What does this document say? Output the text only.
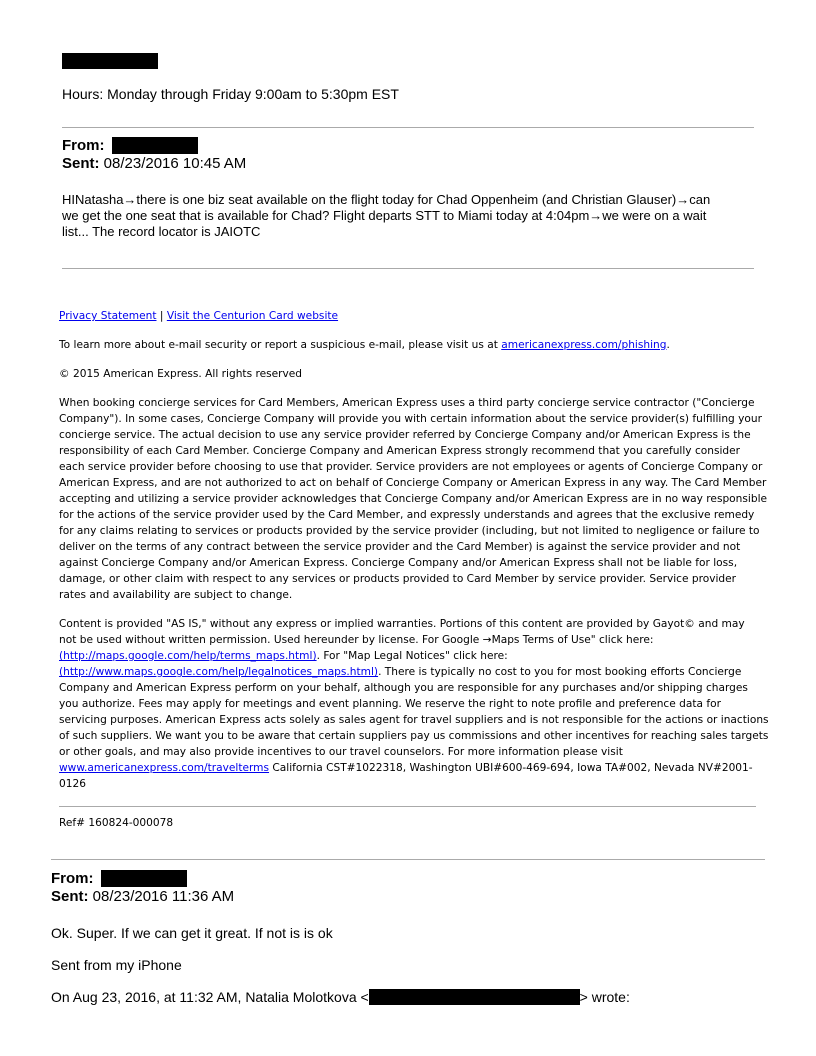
Hours: Monday through Friday 9:00am to 5:30pm EST
From:
Sent: 08/23/2016 10:45 AM
HINatasha→there is one biz seat available on the flight today for Chad Oppenheim (and Christian Glauser)→can
we get the one seat that is available for Chad? Flight departs STT to Miami today at 4:04pm→we were on a wait
list... The record locator is JAIOTC
Privacy Statement | Visit the Centurion Card website
To learn more about e-mail security or report a suspicious e-mail, please visit us at americanexpress.com/phishing.
© 2015 American Express. All rights reserved
When booking concierge services for Card Members, American Express uses a third party concierge service contractor ("Concierge
Company"). In some cases, Concierge Company will provide you with certain information about the service provider(s) fulfilling your
concierge service. The actual decision to use any service provider referred by Concierge Company and/or American Express is the
responsibility of each Card Member. Concierge Company and American Express strongly recommend that you carefully consider
each service provider before choosing to use that provider. Service providers are not employees or agents of Concierge Company or
American Express, and are not authorized to act on behalf of Concierge Company or American Express in any way. The Card Member
accepting and utilizing a service provider acknowledges that Concierge Company and/or American Express are in no way responsible
for the actions of the service provider used by the Card Member, and expressly understands and agrees that the exclusive remedy
for any claims relating to services or products provided by the service provider (including, but not limited to negligence or failure to
deliver on the terms of any contract between the service provider and the Card Member) is against the service provider and not
against Concierge Company and/or American Express. Concierge Company and/or American Express shall not be liable for loss,
damage, or other claim with respect to any services or products provided to Card Member by service provider. Service provider
rates and availability are subject to change.
Content is provided "AS IS," without any express or implied warranties. Portions of this content are provided by Gayot© and may
not be used without written permission. Used hereunder by license. For Google →Maps Terms of Use" click here:
(http://maps.google.com/help/terms_maps.html). For "Map Legal Notices" click here:
(http://www.maps.google.com/help/legalnotices_maps.html). There is typically no cost to you for most booking efforts Concierge
Company and American Express perform on your behalf, although you are responsible for any purchases and/or shipping charges
you authorize. Fees may apply for meetings and event planning. We reserve the right to note profile and preference data for
servicing purposes. American Express acts solely as sales agent for travel suppliers and is not responsible for the actions or inactions
of such suppliers. We want you to be aware that certain suppliers pay us commissions and other incentives for reaching sales targets
or other goals, and may also provide incentives to our travel counselors. For more information please visit
www.americanexpress.com/travelterms California CST#1022318, Washington UBI#600-469-694, Iowa TA#002, Nevada NV#2001-
0126
Ref# 160824-000078
From:
Sent: 08/23/2016 11:36 AM
Ok. Super. If we can get it great. If not is is ok
Sent from my iPhone
On Aug 23, 2016, at 11:32 AM, Natalia Molotkova <	> wrote:
